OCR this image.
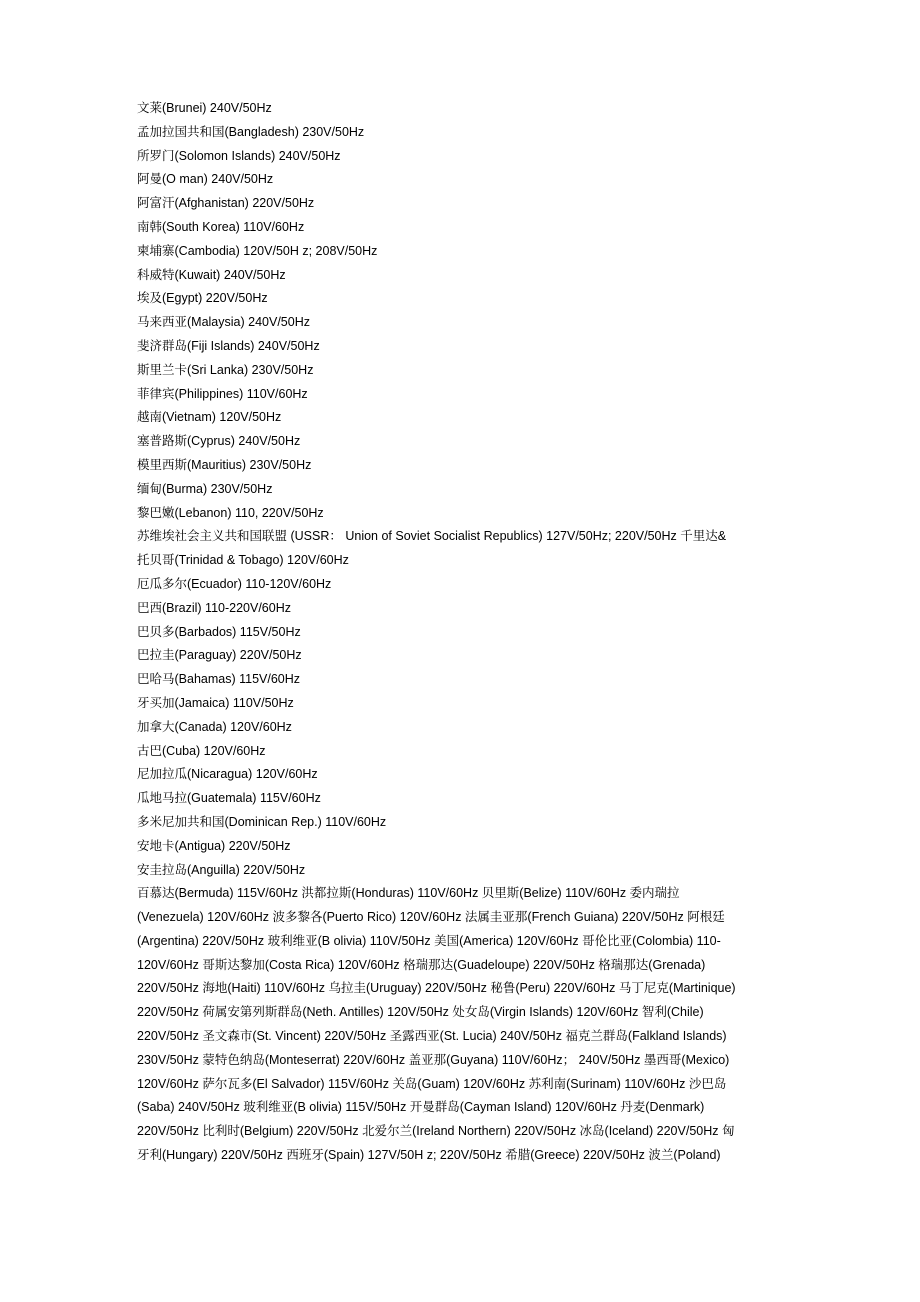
文莱(Brunei) 240V/50Hz
孟加拉国共和国(Bangladesh) 230V/50Hz
所罗门(Solomon Islands) 240V/50Hz
阿曼(O man) 240V/50Hz
阿富汗(Afghanistan) 220V/50Hz
南韩(South Korea) 110V/60Hz
柬埔寨(Cambodia) 120V/50H z; 208V/50Hz
科威特(Kuwait) 240V/50Hz
埃及(Egypt) 220V/50Hz
马来西亚(Malaysia) 240V/50Hz
斐济群岛(Fiji Islands) 240V/50Hz
斯里兰卡(Sri Lanka) 230V/50Hz
菲律宾(Philippines) 110V/60Hz
越南(Vietnam) 120V/50Hz
塞普路斯(Cyprus) 240V/50Hz
模里西斯(Mauritius) 230V/50Hz
缅甸(Burma) 230V/50Hz
黎巴嫩(Lebanon) 110, 220V/50Hz
苏维埃社会主义共和国联盟 (USSR： Union of Soviet Socialist Republics) 127V/50Hz; 220V/50Hz 千里达&
托贝哥(Trinidad & Tobago) 120V/60Hz
厄瓜多尔(Ecuador) 110-120V/60Hz
巴西(Brazil) 110-220V/60Hz
巴贝多(Barbados) 115V/50Hz
巴拉圭(Paraguay) 220V/50Hz
巴哈马(Bahamas) 115V/60Hz
牙买加(Jamaica) 110V/50Hz
加拿大(Canada) 120V/60Hz
古巴(Cuba) 120V/60Hz
尼加拉瓜(Nicaragua) 120V/60Hz
瓜地马拉(Guatemala) 115V/60Hz
多米尼加共和国(Dominican Rep.) 110V/60Hz
安地卡(Antigua) 220V/50Hz
安圭拉岛(Anguilla) 220V/50Hz
百慕达(Bermuda) 115V/60Hz 洪都拉斯(Honduras) 110V/60Hz 贝里斯(Belize) 110V/60Hz 委内瑞拉
(Venezuela) 120V/60Hz 波多黎各(Puerto Rico) 120V/60Hz 法属圭亚那(French Guiana) 220V/50Hz 阿根廷
(Argentina) 220V/50Hz 玻利维亚(B olivia) 110V/50Hz 美国(America) 120V/60Hz 哥伦比亚(Colombia) 110-
120V/60Hz 哥斯达黎加(Costa Rica) 120V/60Hz 格瑞那达(Guadeloupe) 220V/50Hz 格瑞那达(Grenada)
220V/50Hz 海地(Haiti) 110V/60Hz 乌拉圭(Uruguay) 220V/50Hz 秘鲁(Peru) 220V/60Hz 马丁尼克(Martinique)
220V/50Hz 荷属安第列斯群岛(Neth. Antilles) 120V/50Hz 处女岛(Virgin Islands) 120V/60Hz 智利(Chile)
220V/50Hz 圣文森市(St. Vincent) 220V/50Hz 圣露西亚(St. Lucia) 240V/50Hz 福克兰群岛(Falkland Islands)
230V/50Hz 蒙特色纳岛(Monteserrat) 220V/60Hz 盖亚那(Guyana) 110V/60Hz； 240V/50Hz 墨西哥(Mexico)
120V/60Hz 萨尔瓦多(El Salvador) 115V/60Hz 关岛(Guam) 120V/60Hz 苏利南(Surinam) 110V/60Hz 沙巴岛
(Saba) 240V/50Hz 玻利维亚(B olivia) 115V/50Hz 开曼群岛(Cayman Island) 120V/60Hz 丹麦(Denmark)
220V/50Hz 比利时(Belgium) 220V/50Hz 北爱尔兰(Ireland Northern) 220V/50Hz 冰岛(Iceland) 220V/50Hz 匈
牙利(Hungary) 220V/50Hz 西班牙(Spain) 127V/50H z; 220V/50Hz 希腊(Greece) 220V/50Hz 波兰(Poland)
